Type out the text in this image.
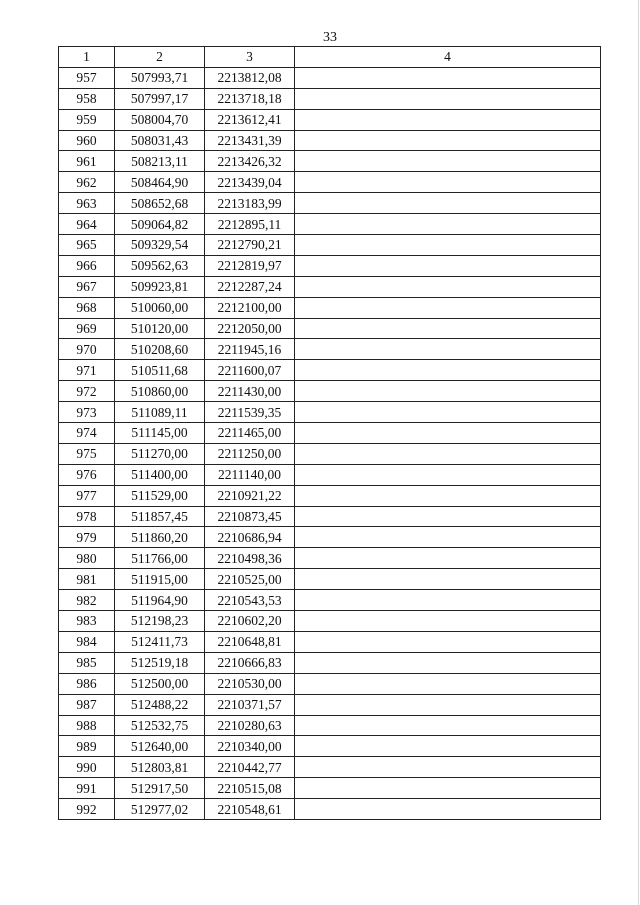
33
1	2	3	4
957	507993,71	2213812,08	
958	507997,17	2213718,18	
959	508004,70	2213612,41	
960	508031,43	2213431,39	
961	508213,11	2213426,32	
962	508464,90	2213439,04	
963	508652,68	2213183,99	
964	509064,82	2212895,11	
965	509329,54	2212790,21	
966	509562,63	2212819,97	
967	509923,81	2212287,24	
968	510060,00	2212100,00	
969	510120,00	2212050,00	
970	510208,60	2211945,16	
971	510511,68	2211600,07	
972	510860,00	2211430,00	
973	511089,11	2211539,35	
974	511145,00	2211465,00	
975	511270,00	2211250,00	
976	511400,00	2211140,00	
977	511529,00	2210921,22	
978	511857,45	2210873,45	
979	511860,20	2210686,94	
980	511766,00	2210498,36	
981	511915,00	2210525,00	
982	511964,90	2210543,53	
983	512198,23	2210602,20	
984	512411,73	2210648,81	
985	512519,18	2210666,83	
986	512500,00	2210530,00	
987	512488,22	2210371,57	
988	512532,75	2210280,63	
989	512640,00	2210340,00	
990	512803,81	2210442,77	
991	512917,50	2210515,08	
992	512977,02	2210548,61	
